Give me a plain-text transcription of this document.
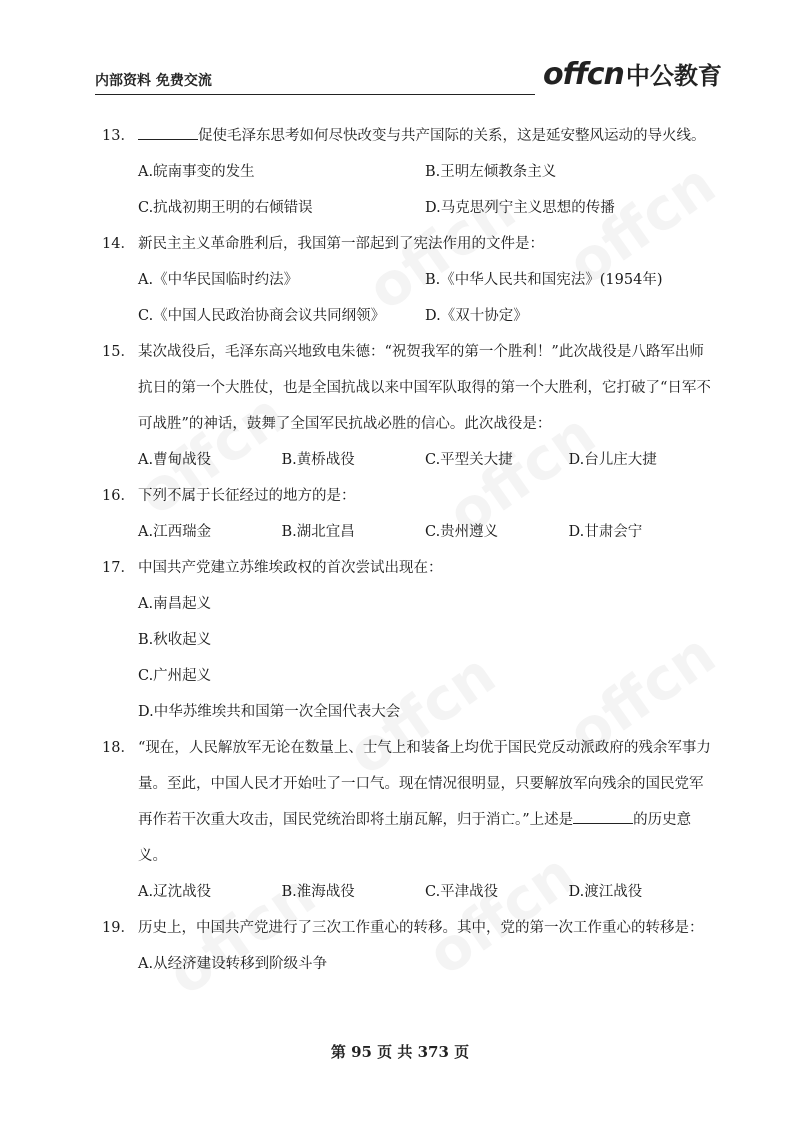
内部资料 免费交流	offcn中公教育
13．	促使毛泽东思考如何尽快改变与共产国际的关系，这是延安整风运动的导火线。
A.皖南事变的发生	B.王明左倾教条主义
C.抗战初期王明的右倾错误	D.马克思列宁主义思想的传播
14． 新民主主义革命胜利后，我国第一部起到了宪法作用的文件是：
A.《中华民国临时约法》	B.《中华人民共和国宪法》(1954年)
C.《中国人民政治协商会议共同纲领》	D.《双十协定》
15． 某次战役后，毛泽东高兴地致电朱德：“祝贺我军的第一个胜利！”此次战役是八路军出师抗日的第一个大胜仗，也是全国抗战以来中国军队取得的第一个大胜利，它打破了“日军不可战胜”的神话，鼓舞了全国军民抗战必胜的信心。此次战役是：
A.曹甸战役	B.黄桥战役	C.平型关大捷	D.台儿庄大捷
16． 下列不属于长征经过的地方的是：
A.江西瑞金	B.湖北宜昌	C.贵州遵义	D.甘肃会宁
17． 中国共产党建立苏维埃政权的首次尝试出现在：
A.南昌起义
B.秋收起义
C.广州起义
D.中华苏维埃共和国第一次全国代表大会
18． “现在，人民解放军无论在数量上、士气上和装备上均优于国民党反动派政府的残余军事力量。至此，中国人民才开始吐了一口气。现在情况很明显，只要解放军向残余的国民党军再作若干次重大攻击，国民党统治即将土崩瓦解，归于消亡。”上述是	的历史意义。
A.辽沈战役	B.淮海战役	C.平津战役	D.渡江战役
19． 历史上，中国共产党进行了三次工作重心的转移。其中，党的第一次工作重心的转移是：
A.从经济建设转移到阶级斗争
第 95 页 共 373 页
